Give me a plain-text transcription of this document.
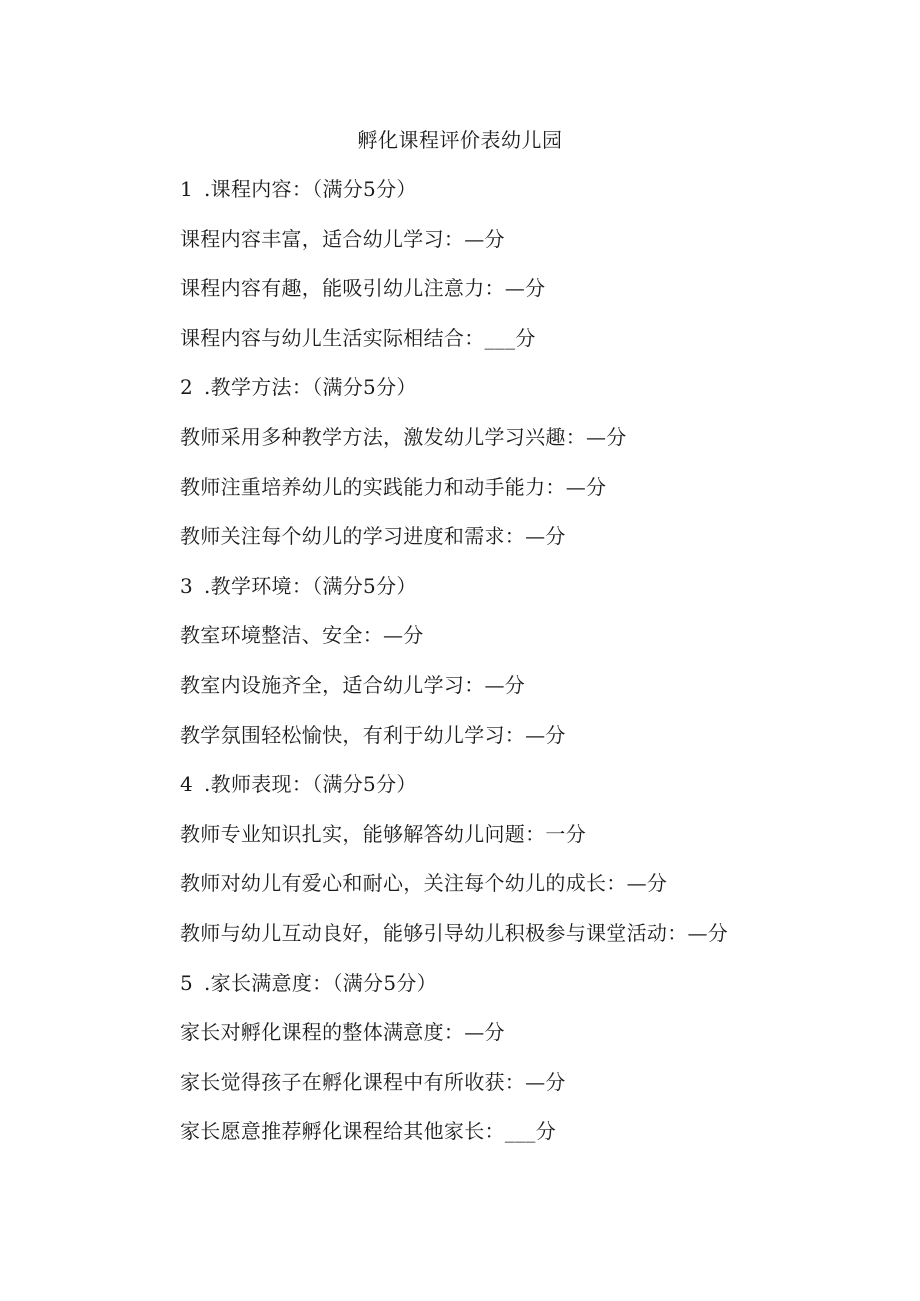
孵化课程评价表幼儿园
1 .课程内容：（满分5分）
课程内容丰富，适合幼儿学习：—分
课程内容有趣，能吸引幼儿注意力：—分
课程内容与幼儿生活实际相结合：___分
2 .教学方法：（满分5分）
教师采用多种教学方法，激发幼儿学习兴趣：—分
教师注重培养幼儿的实践能力和动手能力：—分
教师关注每个幼儿的学习进度和需求：—分
3 .教学环境：（满分5分）
教室环境整洁、安全：—分
教室内设施齐全，适合幼儿学习：—分
教学氛围轻松愉快，有利于幼儿学习：—分
4 .教师表现：（满分5分）
教师专业知识扎实，能够解答幼儿问题：一分
教师对幼儿有爱心和耐心，关注每个幼儿的成长：—分
教师与幼儿互动良好，能够引导幼儿积极参与课堂活动：—分
5 .家长满意度：（满分5分）
家长对孵化课程的整体满意度：—分
家长觉得孩子在孵化课程中有所收获：—分
家长愿意推荐孵化课程给其他家长：___分
